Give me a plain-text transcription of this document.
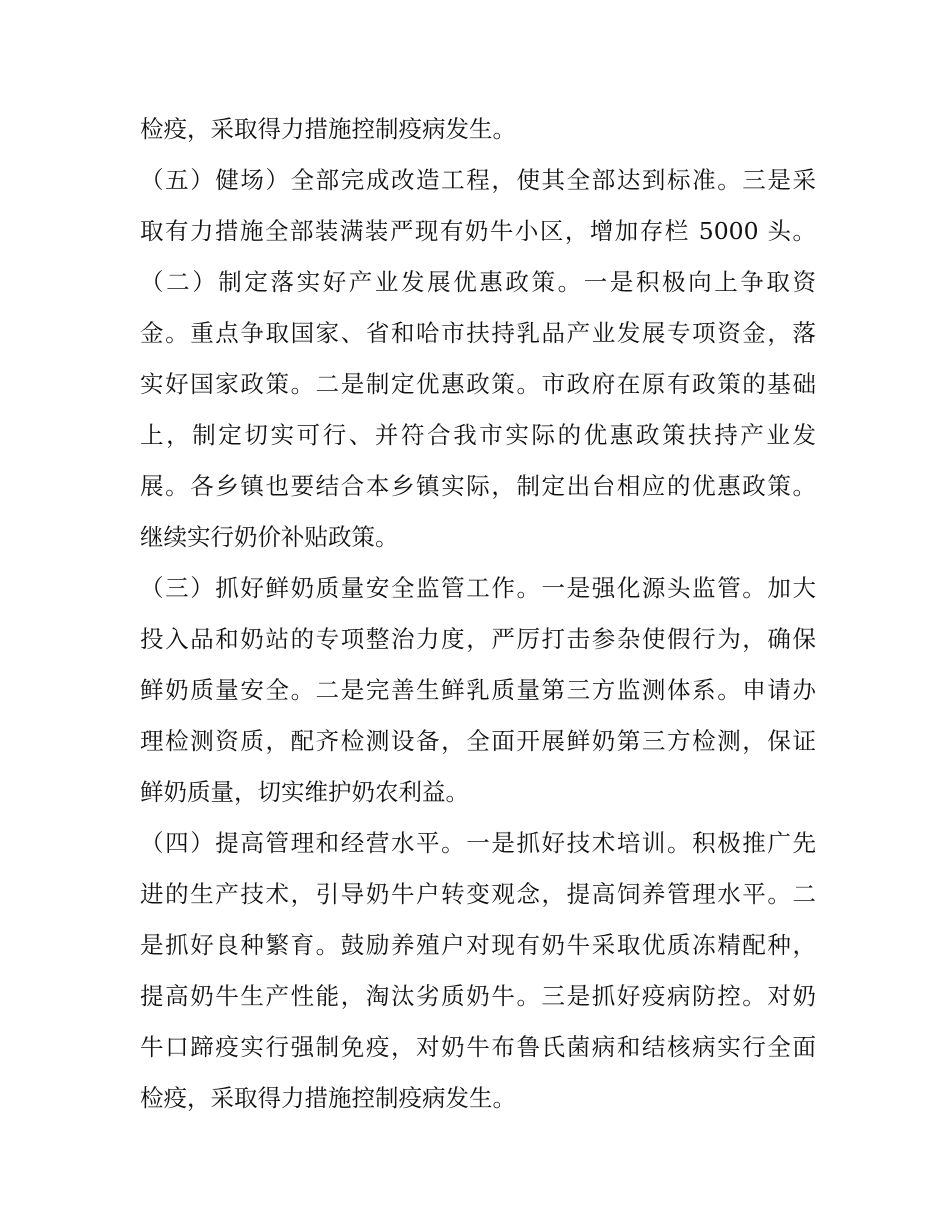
检疫，采取得力措施控制疫病发生。
（五）健场）全部完成改造工程，使其全部达到标准。三是采
取有力措施全部装满装严现有奶牛小区，增加存栏 5000 头。
（二）制定落实好产业发展优惠政策。一是积极向上争取资
金。重点争取国家、省和哈市扶持乳品产业发展专项资金，落
实好国家政策。二是制定优惠政策。市政府在原有政策的基础
上，制定切实可行、并符合我市实际的优惠政策扶持产业发
展。各乡镇也要结合本乡镇实际，制定出台相应的优惠政策。
继续实行奶价补贴政策。
（三）抓好鲜奶质量安全监管工作。一是强化源头监管。加大
投入品和奶站的专项整治力度，严厉打击参杂使假行为，确保
鲜奶质量安全。二是完善生鲜乳质量第三方监测体系。申请办
理检测资质，配齐检测设备，全面开展鲜奶第三方检测，保证
鲜奶质量，切实维护奶农利益。
（四）提高管理和经营水平。一是抓好技术培训。积极推广先
进的生产技术，引导奶牛户转变观念，提高饲养管理水平。二
是抓好良种繁育。鼓励养殖户对现有奶牛采取优质冻精配种，
提高奶牛生产性能，淘汰劣质奶牛。三是抓好疫病防控。对奶
牛口蹄疫实行强制免疫，对奶牛布鲁氏菌病和结核病实行全面
检疫，采取得力措施控制疫病发生。
